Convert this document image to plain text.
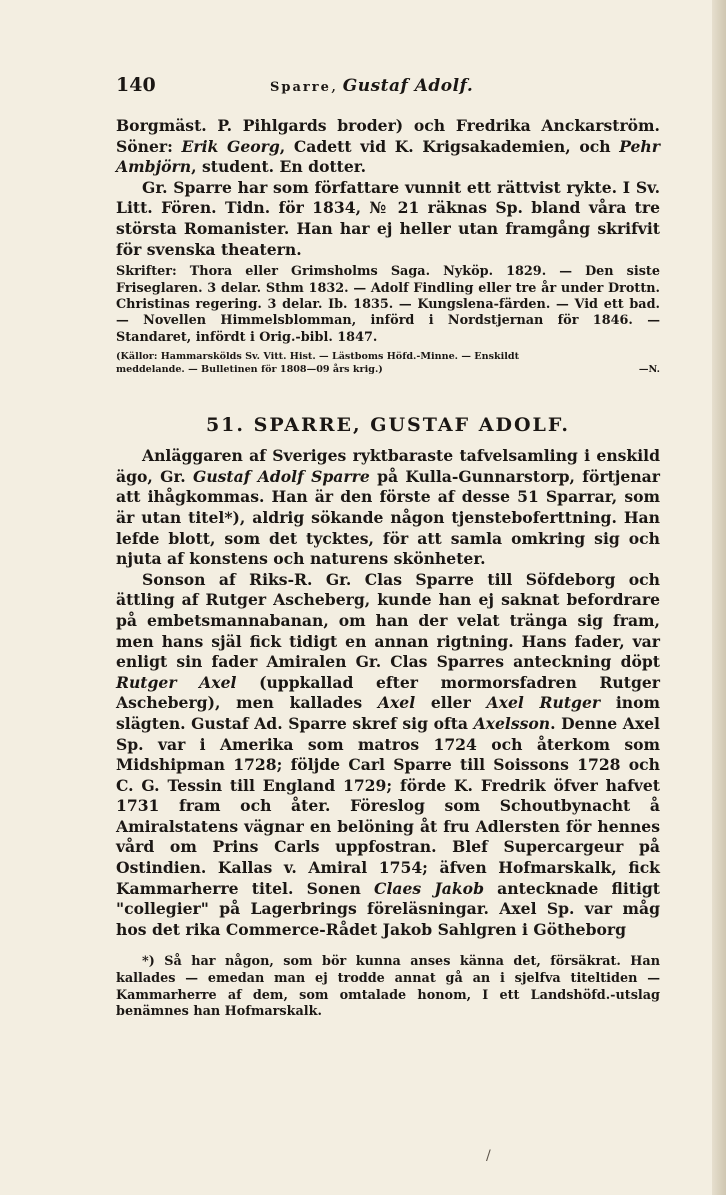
140	Sparre, Gustaf Adolf.

Borgmäst. P. Pihlgards broder) och Fredrika Anckarström. Söner: Erik Georg, Cadett vid K. Krigsakademien, och Pehr Ambjörn, student. En dotter.

Gr. Sparre har som författare vunnit ett rättvist rykte. I Sv. Litt. Fören. Tidn. för 1834, № 21 räknas Sp. bland våra tre största Romanister. Han har ej heller utan framgång skrifvit för svenska theatern.

Skrifter: Thora eller Grimsholms Saga. Nyköp. 1829. — Den siste Friseglaren. 3 delar. Sthm 1832. — Adolf Findling eller tre år under Drottn. Christinas regering. 3 delar. Ib. 1835. — Kungslena-färden. — Vid ett bad. — Novellen Himmelsblomman, införd i Nordstjernan för 1846. — Standaret, infördt i Orig.-bibl. 1847.

(Källor: Hammarskölds Sv. Vitt. Hist. — Lästboms Höfd.-Minne. — Enskildt
meddelande. — Bulletinen för 1808—09 års krig.)	—N.
51. SPARRE, GUSTAF ADOLF.

Anläggaren af Sveriges ryktbaraste tafvelsamling i enskild ägo, Gr. Gustaf Adolf Sparre på Kulla-Gunnarstorp, förtjenar att ihågkommas. Han är den förste af desse 51 Sparrar, som är utan titel*), aldrig sökande någon tjensteboferttning. Han lefde blott, som det tycktes, för att samla omkring sig och njuta af konstens och naturens skönheter.

Sonson af Riks-R. Gr. Clas Sparre till Söfdeborg och ättling af Rutger Ascheberg, kunde han ej saknat befordrare på embetsmannabanan, om han der velat tränga sig fram, men hans själ fick tidigt en annan rigtning. Hans fader, var enligt sin fader Amiralen Gr. Clas Sparres anteckning döpt Rutger Axel (uppkallad efter mormorsfadren Rutger Ascheberg), men kallades Axel eller Axel Rutger inom slägten. Gustaf Ad. Sparre skref sig ofta Axelsson. Denne Axel Sp. var i Amerika som matros 1724 och återkom som Midshipman 1728; följde Carl Sparre till Soissons 1728 och C. G. Tessin till England 1729; förde K. Fredrik öfver hafvet 1731 fram och åter. Föreslog som Schoutbynacht å Amiralstatens vägnar en belöning åt fru Adlersten för hennes vård om Prins Carls uppfostran. Blef Supercargeur på Ostindien. Kallas v. Amiral 1754; äfven Hofmarskalk, fick Kammarherre titel. Sonen Claes Jakob antecknade flitigt "collegier" på Lagerbrings föreläsningar. Axel Sp. var måg hos det rika Commerce-Rådet Jakob Sahlgren i Götheborg

*) Så har någon, som bör kunna anses känna det, försäkrat. Han kallades — emedan man ej trodde annat gå an i sjelfva titeltiden — Kammarherre af dem, som omtalade honom, I ett Landshöfd.-utslag benämnes han Hofmarskalk.

/
